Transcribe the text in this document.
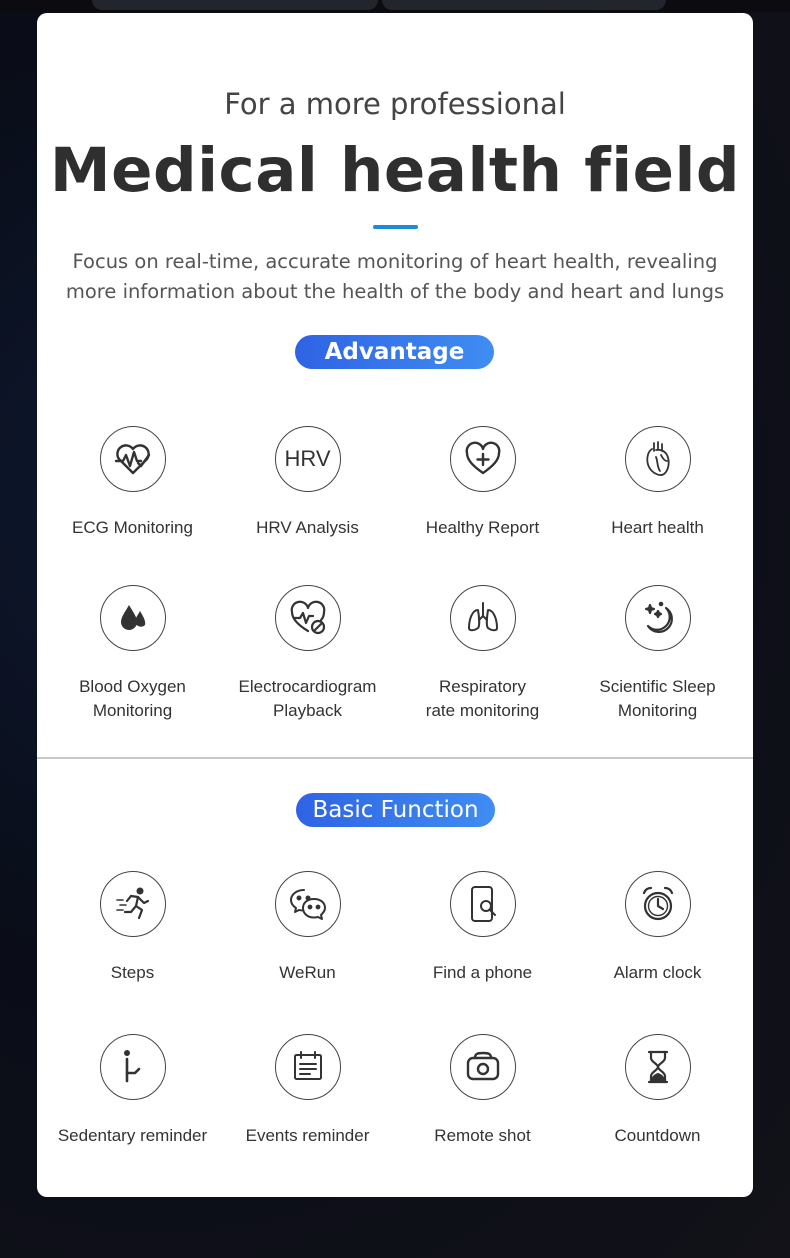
For a more professional
Medical health field
Focus on real-time, accurate monitoring of heart health, revealing more information about the health of the body and heart and lungs
Advantage
ECG Monitoring
HRV
HRV Analysis	Healthy Report	Heart health
Blood Oxygen
Monitoring
Electrocardiogram
Playback
Respiratory
rate monitoring
Scientific Sleep
Monitoring
Basic Function
Steps	WeRun	Find a phone	Alarm clock
Sedentary reminder	Events reminder	Remote shot	Countdown
